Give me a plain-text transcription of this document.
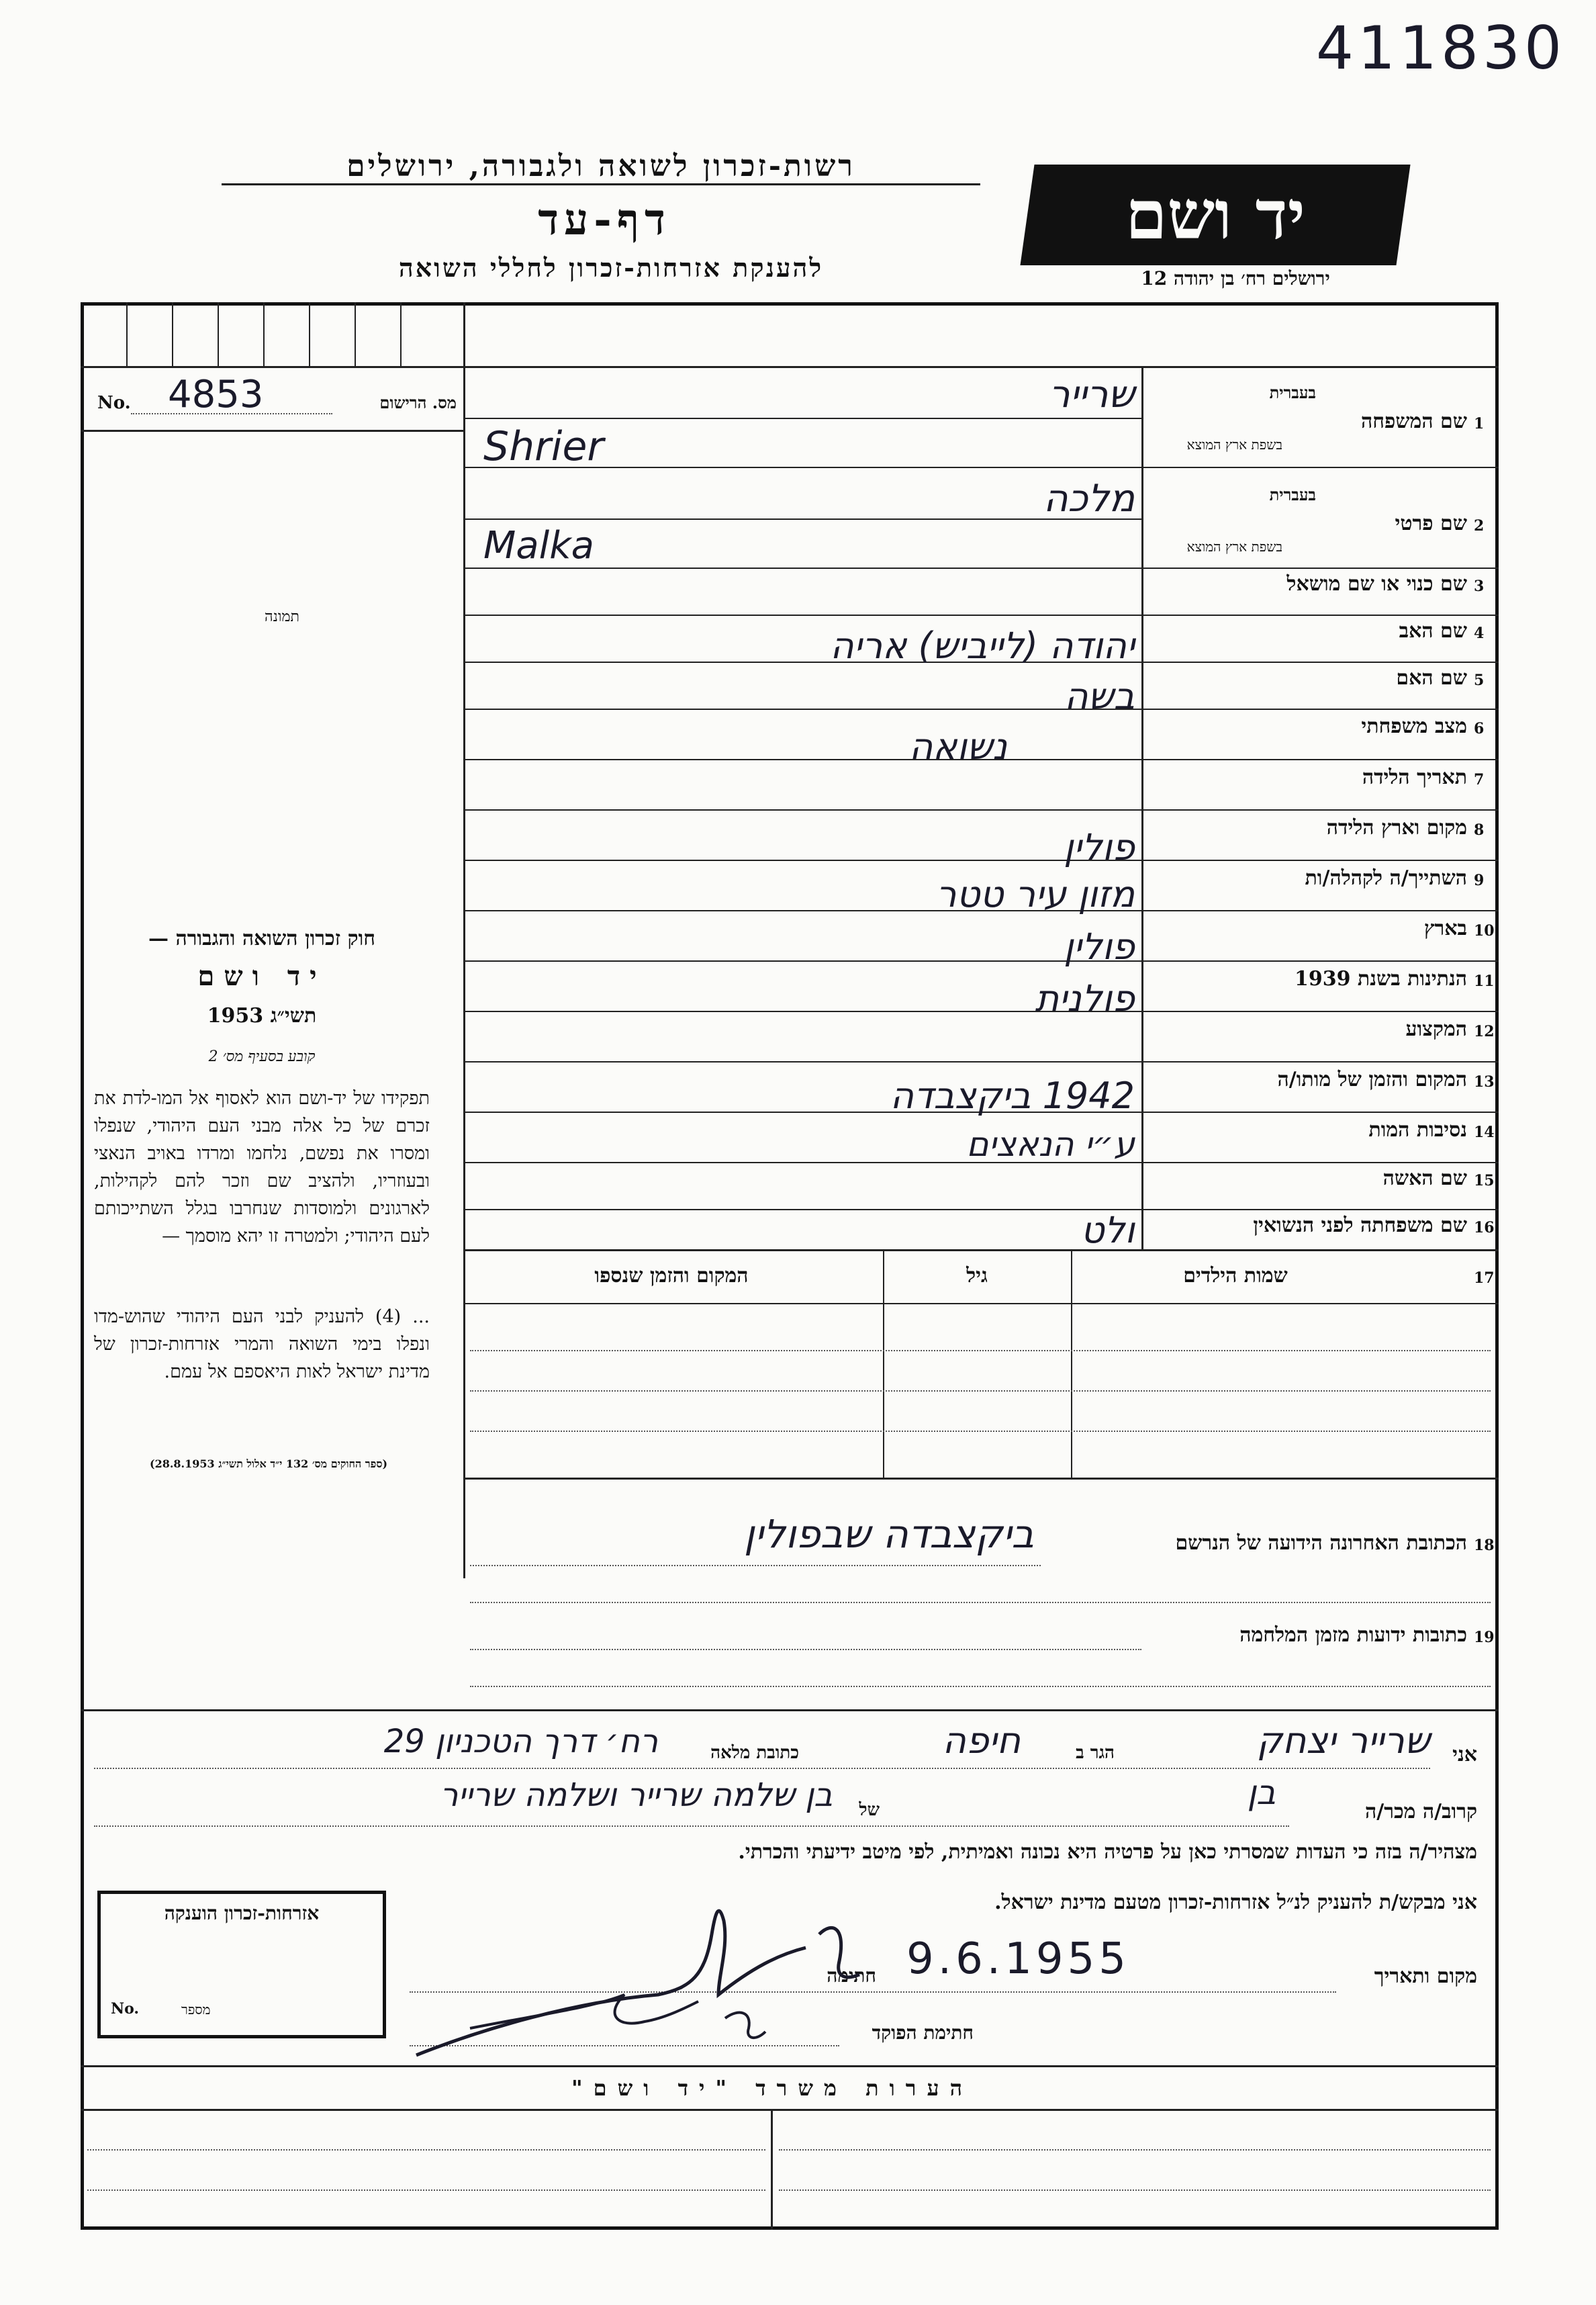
411830
רשות-זכרון לשואה ולגבורה, ירושלים
דף-עד
להענקת אזרחות-זכרון לחללי השואה
יד ושם
ירושלים רח׳ בן יהודה 12
מס. הרישום
No. 4853
תמונה
חוק זכרון השואה והגבורה —
יד ושם
תשי״ג 1953
קובע בסעיף מס׳ 2
תפקידו של יד-ושם הוא לאסוף אל המו-לדת את זכרם של כל אלה מבני העם היהודי, שנפלו ומסרו את נפשם, נלחמו ומרדו באויב הנאצי ובעוזריו, ולהציב שם וזכר להם לקהילות, לארגונים ולמוסדות שנחרבו בגלל השתייכותם לעם היהודי; ולמטרה זו יהא מוסמך —
... (4) להעניק לבני העם היהודי שהוש-מדו ונפלו בימי השואה והמרי אזרחות-זכרון של מדינת ישראל לאות היאספם אל עמם.
(ספר החוקים מס׳ 132 י״ד אלול תשי״ג 28.8.1953)
1
שם המשפחה
בעברית
בשפת ארץ המוצא
שרייר
Shrier
2
שם פרטי
בעברית
בשפת ארץ המוצא
מלכה
Malka
3
שם כנוי או שם מושאל
4
שם האב
יהודה (לייביש) אריה
5
שם האם
בשה
6
מצב משפחתי
נשואה
7
תאריך הלידה
8
מקום וארץ הלידה
פולין
9
השתייך/ה לקהלה/ות
מזון עיר טטר
10
בארץ
פולין
11
הנתינות בשנת 1939
פולנית
12
המקצוע
13
המקום והזמן של מותו/ה
1942 ביקצבדה
14
נסיבות המות
ע״י הנאצים
15
שם האשה
16
שם משפחתה לפני הנשואין
ולט
17
שמות הילדים
גיל
המקום והזמן שנספו
18
הכתובת האחרונה הידועה של הנרשם
ביקצבדה שבפולין
19
כתובות ידועות מזמן המלחמה
אני
שרייר יצחק
הגר ב
חיפה
כתובת מלאה
רח׳ דרך הטכניון 29
קרוב/ה מכר/ה
בן
של
בן שלמה שרייר ושלמה שרייר
מצהיר/ה בזה כי העדות שמסרתי כאן על פרטיה היא נכונה ואמיתית, לפי מיטב ידיעתי והכרתי.
אני מבקש/ת להעניק לנ״ל אזרחות-זכרון מטעם מדינת ישראל.
מקום ותאריך
9.6.1955
חתימה
חתימת הפוקד
אזרחות-זכרון הוענקה
מספר
No.
הערות משרד "יד ושם"
